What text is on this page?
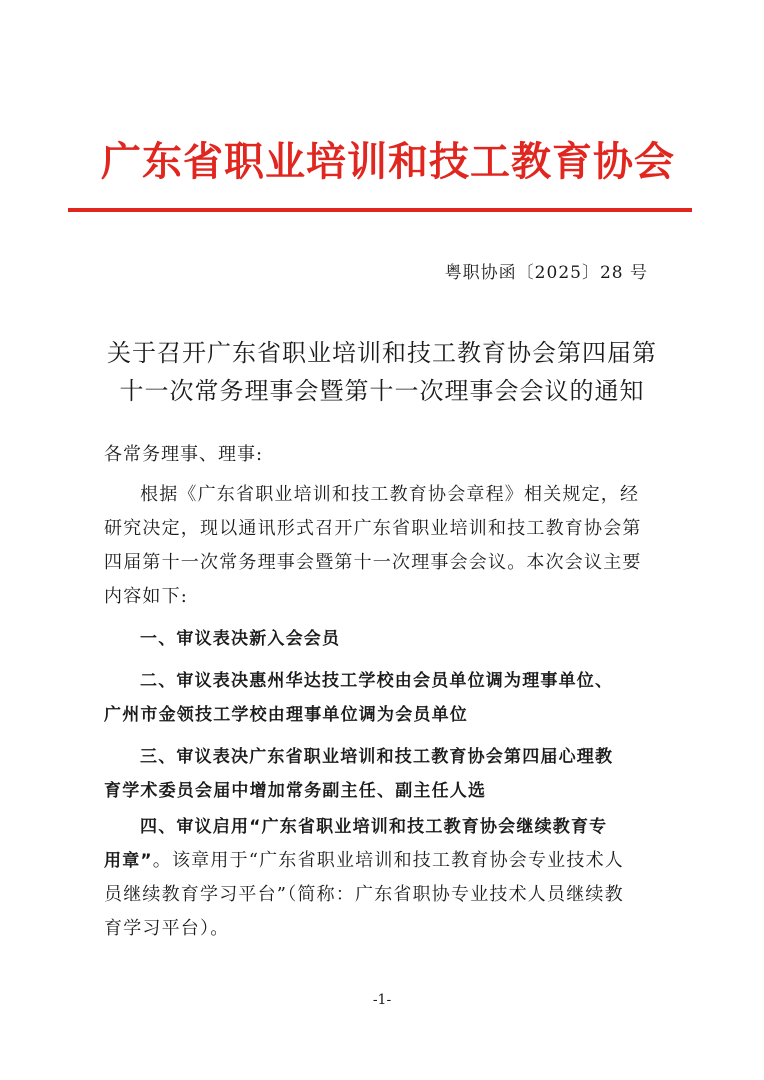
广东省职业培训和技工教育协会
粤职协函〔2025〕28 号
关于召开广东省职业培训和技工教育协会第四届第
十一次常务理事会暨第十一次理事会会议的通知
各常务理事、理事:
根据《广东省职业培训和技工教育协会章程》相关规定，经
研究决定，现以通讯形式召开广东省职业培训和技工教育协会第
四届第十一次常务理事会暨第十一次理事会会议。本次会议主要
内容如下:
一、审议表决新入会会员
二、审议表决惠州华达技工学校由会员单位调为理事单位、
广州市金领技工学校由理事单位调为会员单位
三、审议表决广东省职业培训和技工教育协会第四届心理教
育学术委员会届中增加常务副主任、副主任人选
四、审议启用“广东省职业培训和技工教育协会继续教育专
用章”。该章用于“广东省职业培训和技工教育协会专业技术人
员继续教育学习平台”（简称：广东省职协专业技术人员继续教
育学习平台）。
-1-
